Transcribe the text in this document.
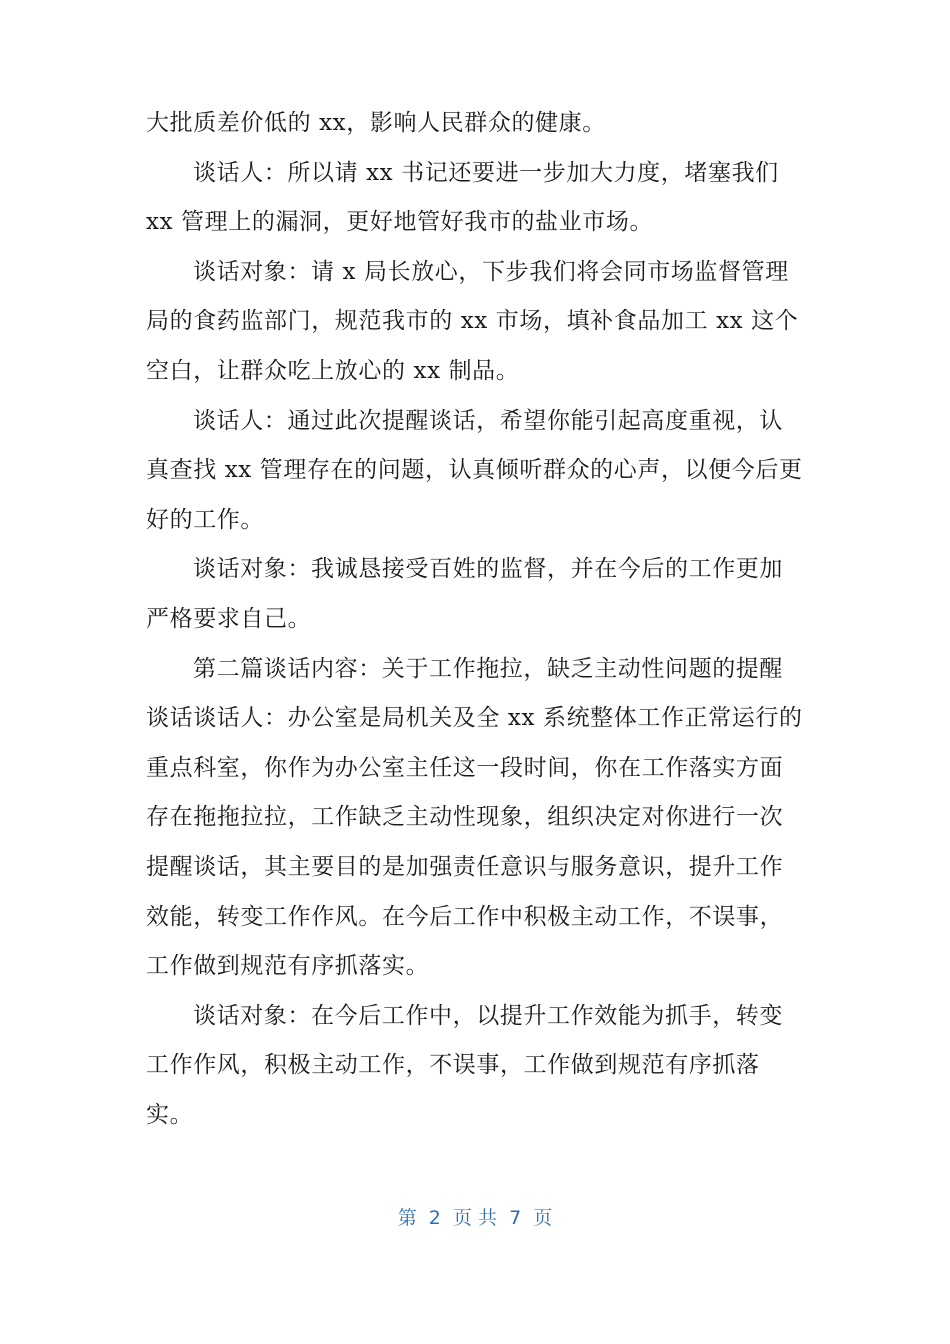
大批质差价低的 xx，影响人民群众的健康。
谈话人：所以请 xx 书记还要进一步加大力度，堵塞我们
xx 管理上的漏洞，更好地管好我市的盐业市场。
谈话对象：请 x 局长放心，下步我们将会同市场监督管理
局的食药监部门，规范我市的 xx 市场，填补食品加工 xx 这个
空白，让群众吃上放心的 xx 制品。
谈话人：通过此次提醒谈话，希望你能引起高度重视，认
真查找 xx 管理存在的问题，认真倾听群众的心声，以便今后更
好的工作。
谈话对象：我诚恳接受百姓的监督，并在今后的工作更加
严格要求自己。
第二篇谈话内容：关于工作拖拉，缺乏主动性问题的提醒
谈话谈话人：办公室是局机关及全 xx 系统整体工作正常运行的
重点科室，你作为办公室主任这一段时间，你在工作落实方面
存在拖拖拉拉，工作缺乏主动性现象，组织决定对你进行一次
提醒谈话，其主要目的是加强责任意识与服务意识，提升工作
效能，转变工作作风。在今后工作中积极主动工作，不误事，
工作做到规范有序抓落实。
谈话对象：在今后工作中，以提升工作效能为抓手，转变
工作作风，积极主动工作，不误事，工作做到规范有序抓落
实。
第  2  页 共  7  页
